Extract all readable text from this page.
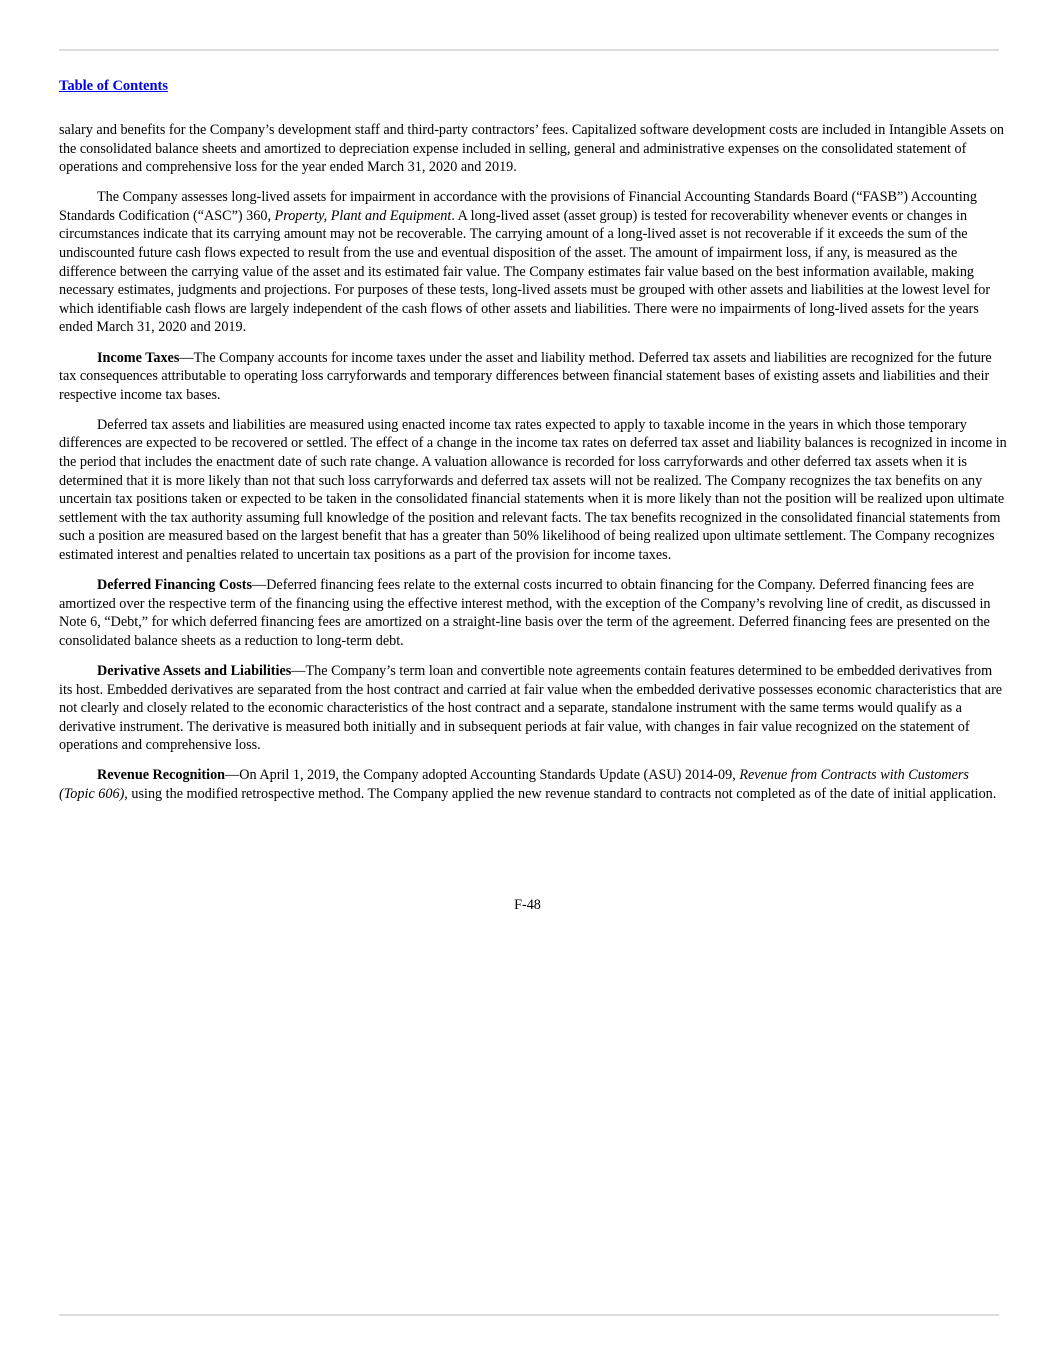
Table of Contents

salary and benefits for the Company’s development staff and third-party contractors’ fees. Capitalized software development costs are included in Intangible Assets on the consolidated balance sheets and amortized to depreciation expense included in selling, general and administrative expenses on the consolidated statement of operations and comprehensive loss for the year ended March 31, 2020 and 2019.

The Company assesses long-lived assets for impairment in accordance with the provisions of Financial Accounting Standards Board (“FASB”) Accounting Standards Codification (“ASC”) 360, Property, Plant and Equipment. A long-lived asset (asset group) is tested for recoverability whenever events or changes in circumstances indicate that its carrying amount may not be recoverable. The carrying amount of a long-lived asset is not recoverable if it exceeds the sum of the undiscounted future cash flows expected to result from the use and eventual disposition of the asset. The amount of impairment loss, if any, is measured as the difference between the carrying value of the asset and its estimated fair value. The Company estimates fair value based on the best information available, making necessary estimates, judgments and projections. For purposes of these tests, long-lived assets must be grouped with other assets and liabilities at the lowest level for which identifiable cash flows are largely independent of the cash flows of other assets and liabilities. There were no impairments of long-lived assets for the years ended March 31, 2020 and 2019.

Income Taxes—The Company accounts for income taxes under the asset and liability method. Deferred tax assets and liabilities are recognized for the future tax consequences attributable to operating loss carryforwards and temporary differences between financial statement bases of existing assets and liabilities and their respective income tax bases.

Deferred tax assets and liabilities are measured using enacted income tax rates expected to apply to taxable income in the years in which those temporary differences are expected to be recovered or settled. The effect of a change in the income tax rates on deferred tax asset and liability balances is recognized in income in the period that includes the enactment date of such rate change. A valuation allowance is recorded for loss carryforwards and other deferred tax assets when it is determined that it is more likely than not that such loss carryforwards and deferred tax assets will not be realized. The Company recognizes the tax benefits on any uncertain tax positions taken or expected to be taken in the consolidated financial statements when it is more likely than not the position will be realized upon ultimate settlement with the tax authority assuming full knowledge of the position and relevant facts. The tax benefits recognized in the consolidated financial statements from such a position are measured based on the largest benefit that has a greater than 50% likelihood of being realized upon ultimate settlement. The Company recognizes estimated interest and penalties related to uncertain tax positions as a part of the provision for income taxes.

Deferred Financing Costs—Deferred financing fees relate to the external costs incurred to obtain financing for the Company. Deferred financing fees are amortized over the respective term of the financing using the effective interest method, with the exception of the Company’s revolving line of credit, as discussed in Note 6, “Debt,” for which deferred financing fees are amortized on a straight-line basis over the term of the agreement. Deferred financing fees are presented on the consolidated balance sheets as a reduction to long-term debt.

Derivative Assets and Liabilities—The Company’s term loan and convertible note agreements contain features determined to be embedded derivatives from its host. Embedded derivatives are separated from the host contract and carried at fair value when the embedded derivative possesses economic characteristics that are not clearly and closely related to the economic characteristics of the host contract and a separate, standalone instrument with the same terms would qualify as a derivative instrument. The derivative is measured both initially and in subsequent periods at fair value, with changes in fair value recognized on the statement of operations and comprehensive loss.

Revenue Recognition—On April 1, 2019, the Company adopted Accounting Standards Update (ASU) 2014-09, Revenue from Contracts with Customers (Topic 606), using the modified retrospective method. The Company applied the new revenue standard to contracts not completed as of the date of initial application.

F-48
